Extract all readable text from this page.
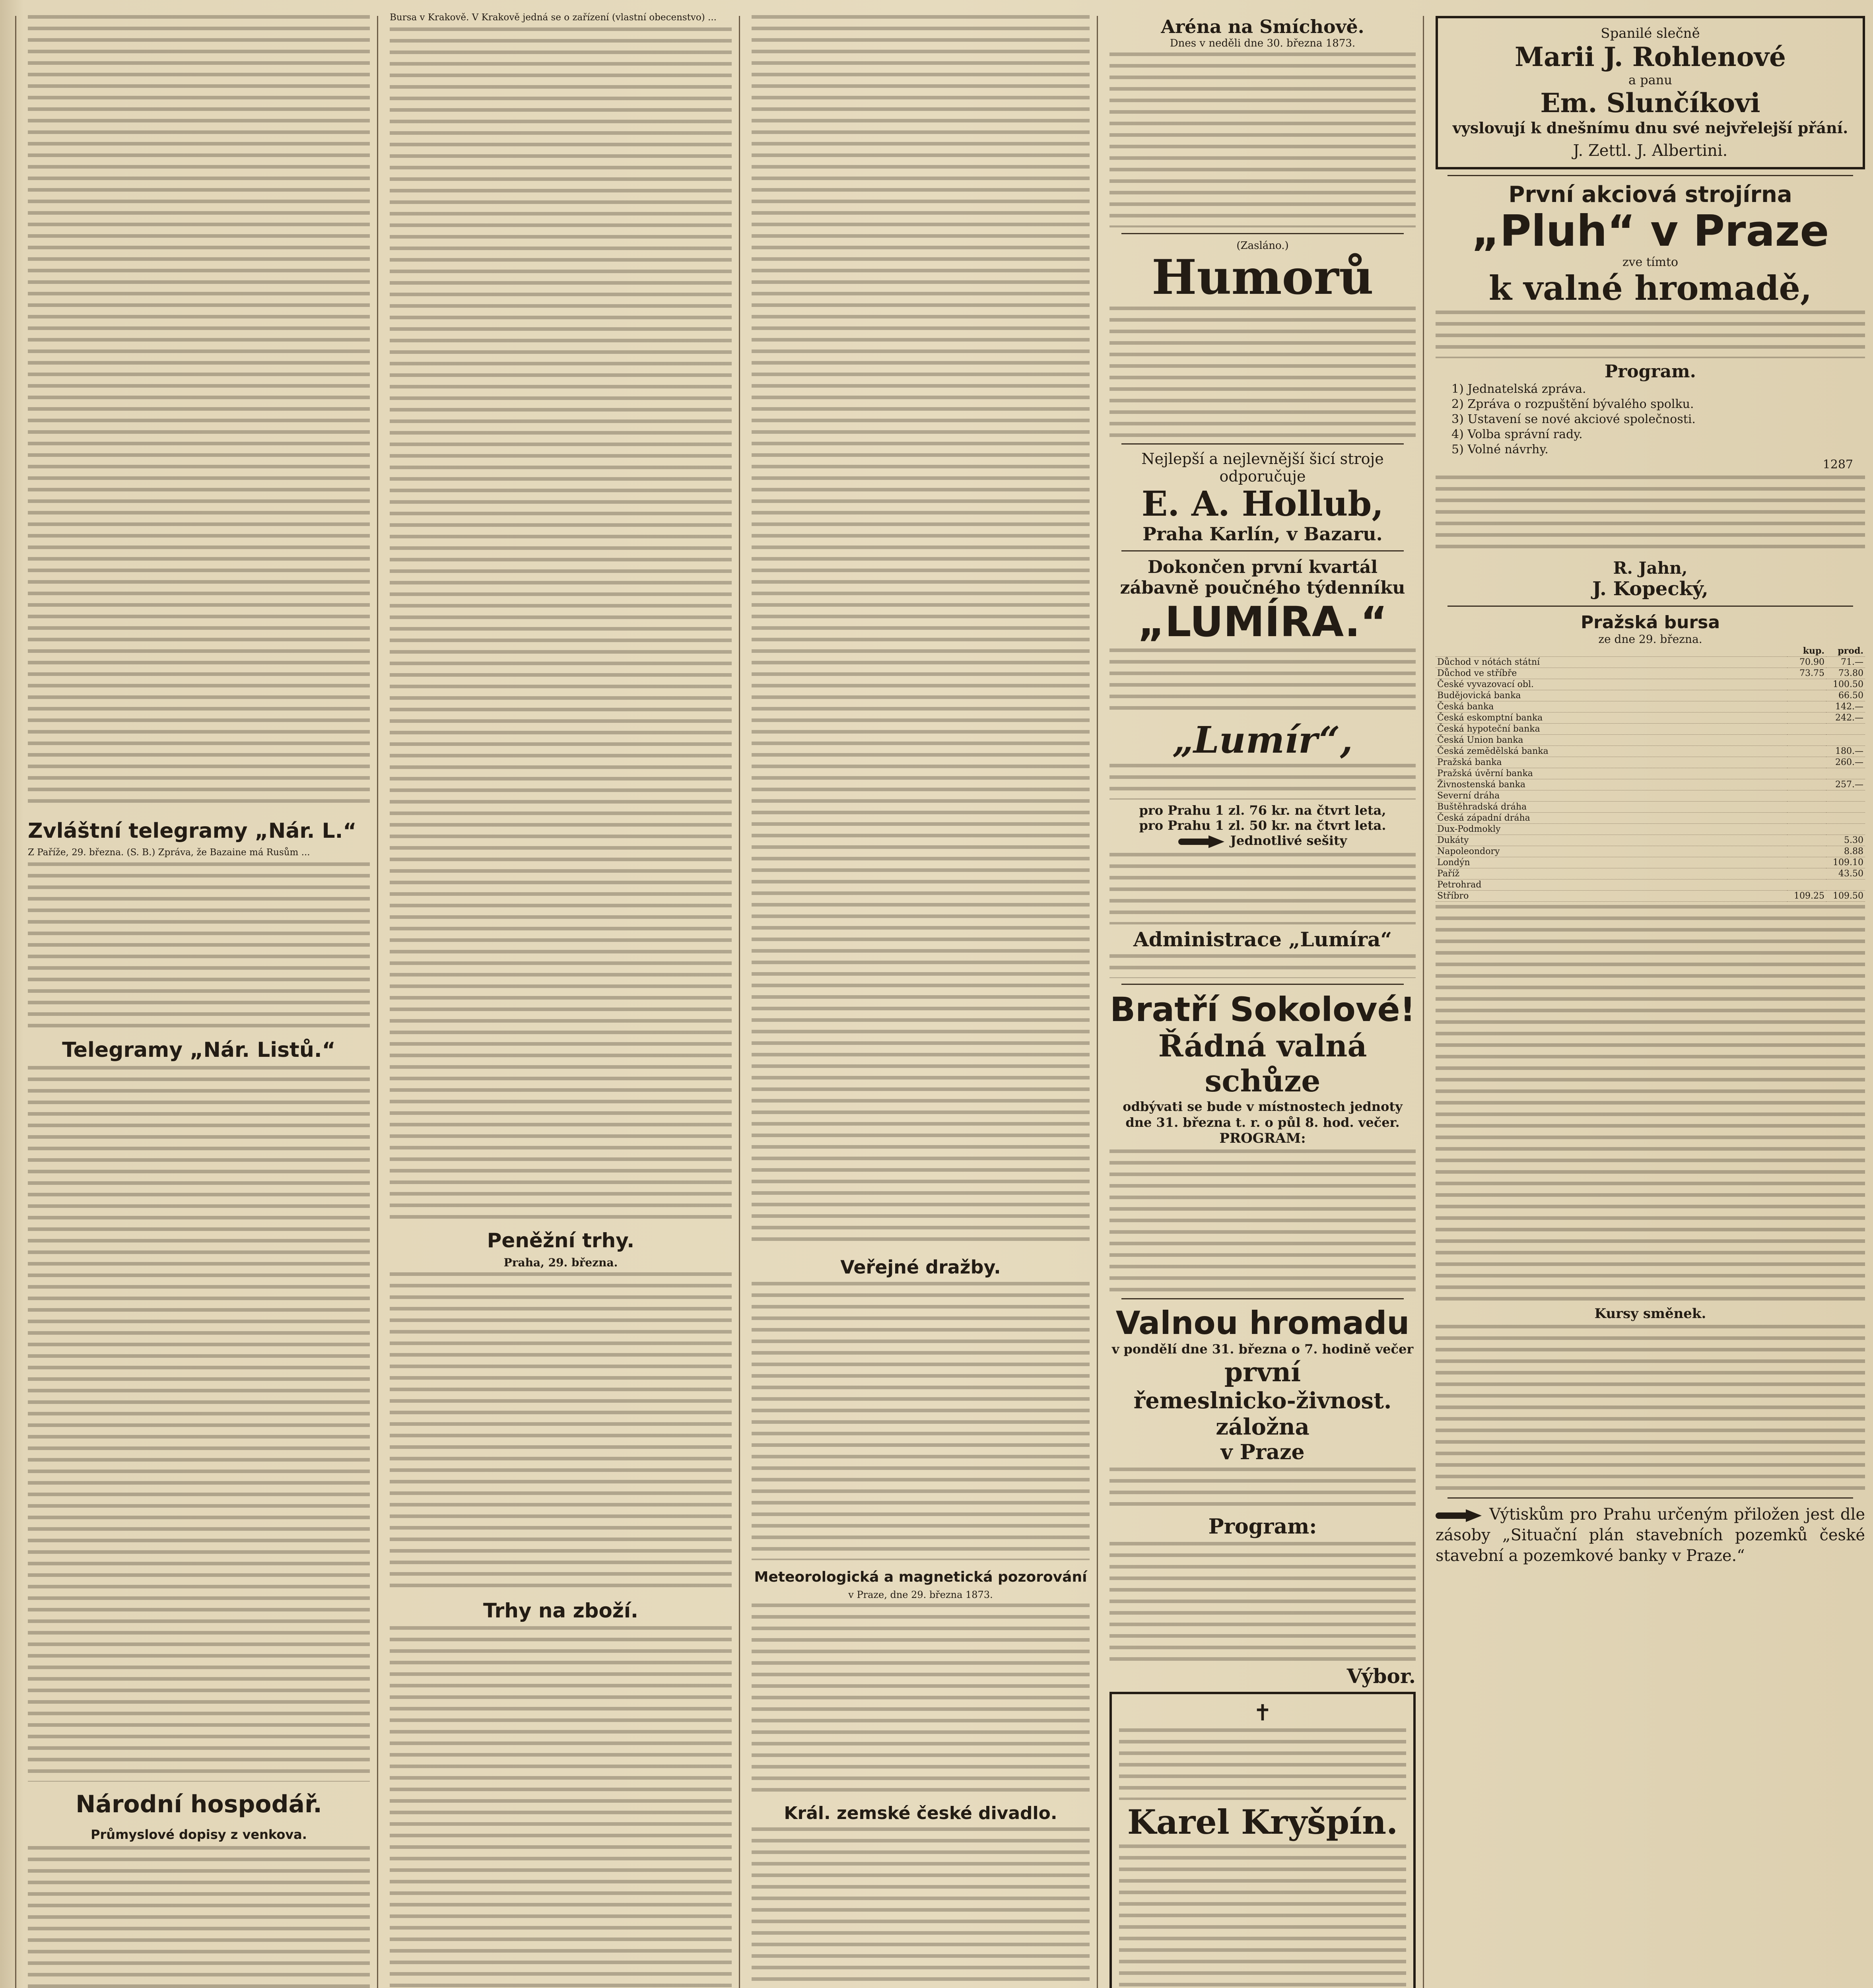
Zvláštní telegramy „Nár. L.“

Z Paříže, 29. března. (S. B.) Zpráva, že Bazaine má Rusům ...

Telegramy „Nár. Listů.“
Národní hospodář.
Průmyslové dopisy z venkova.

Bursa v Krakově. V Krakově jedná se o zařízení (vlastní obecenstvo) ...

Peněžní trhy.
Praha, 29. března.
Trhy na zboží.
Veřejné dražby.
Meteorologická a magnetická pozorování
v Praze, dne 29. března 1873.
Král. zemské české divadlo.
Aréna na Smíchově.
Dnes v neděli dne 30. března 1873.
(Zasláno.)
Humorů
Nejlepší a nejlevnější šicí stroje odporučuje
E. A. Hollub,
Praha Karlín, v Bazaru.
Dokončen první kvartál zábavně poučného týdenníku
„LUMÍRA.“
„Lumír“,
pro Prahu 1 zl. 76 kr. na čtvrt leta,
pro Prahu 1 zl. 50 kr. na čtvrt leta.
Jednotlivé sešity
Administrace „Lumíra“
Bratří Sokolové!
Řádná valná schůze
odbývati se bude v místnostech jednoty dne 31. března t. r. o půl 8. hod. večer.
PROGRAM:
Valnou hromadu
v pondělí dne 31. března o 7. hodině večer
první
řemeslnicko-živnost. záložna
v Praze
Program:
Výbor.
✝
Karel Kryšpín.
Spanilé slečně
Marii J. Rohlenové
a panu
Em. Slunčíkovi
vyslovují k dnešnímu dnu své nejvřelejší přání.
J. Zettl. J. Albertini.
První akciová strojírna
„Pluh“ v Praze
zve tímto
k valné hromadě,
Program.
1) Jednatelská zpráva.
2) Zpráva o rozpuštění bývalého spolku.
3) Ustavení se nové akciové společnosti.
4) Volba správní rady.
5) Volné návrhy.
1287
R. Jahn,
J. Kopecký,
Pražská bursa
ze dne 29. března.
	kup.	prod.
Důchod v nótách státní	70.90	71.—
Důchod ve stříbře	73.75	73.80
České vyvazovací obl.		100.50
Budějovická banka		66.50
Česká banka		142.—
Česká eskomptní banka		242.—
Česká hypoteční banka		
Česká Union banka		
Česká zemědělská banka		180.—
Pražská banka		260.—
Pražská úvěrní banka		
Živnostenská banka		257.—
Severní dráha		
Buštěhradská dráha		
Česká západní dráha		
Dux-Podmokly		
Dukáty		5.30
Napoleondory		8.88
Londýn		109.10
Paříž		43.50
Petrohrad		
Stříbro	109.25	109.50
Kursy směnek.
Výtiskům pro Prahu určeným přiložen jest dle zásoby „Situační plán stavebních pozemků české stavební a pozemkové banky v Praze.“
